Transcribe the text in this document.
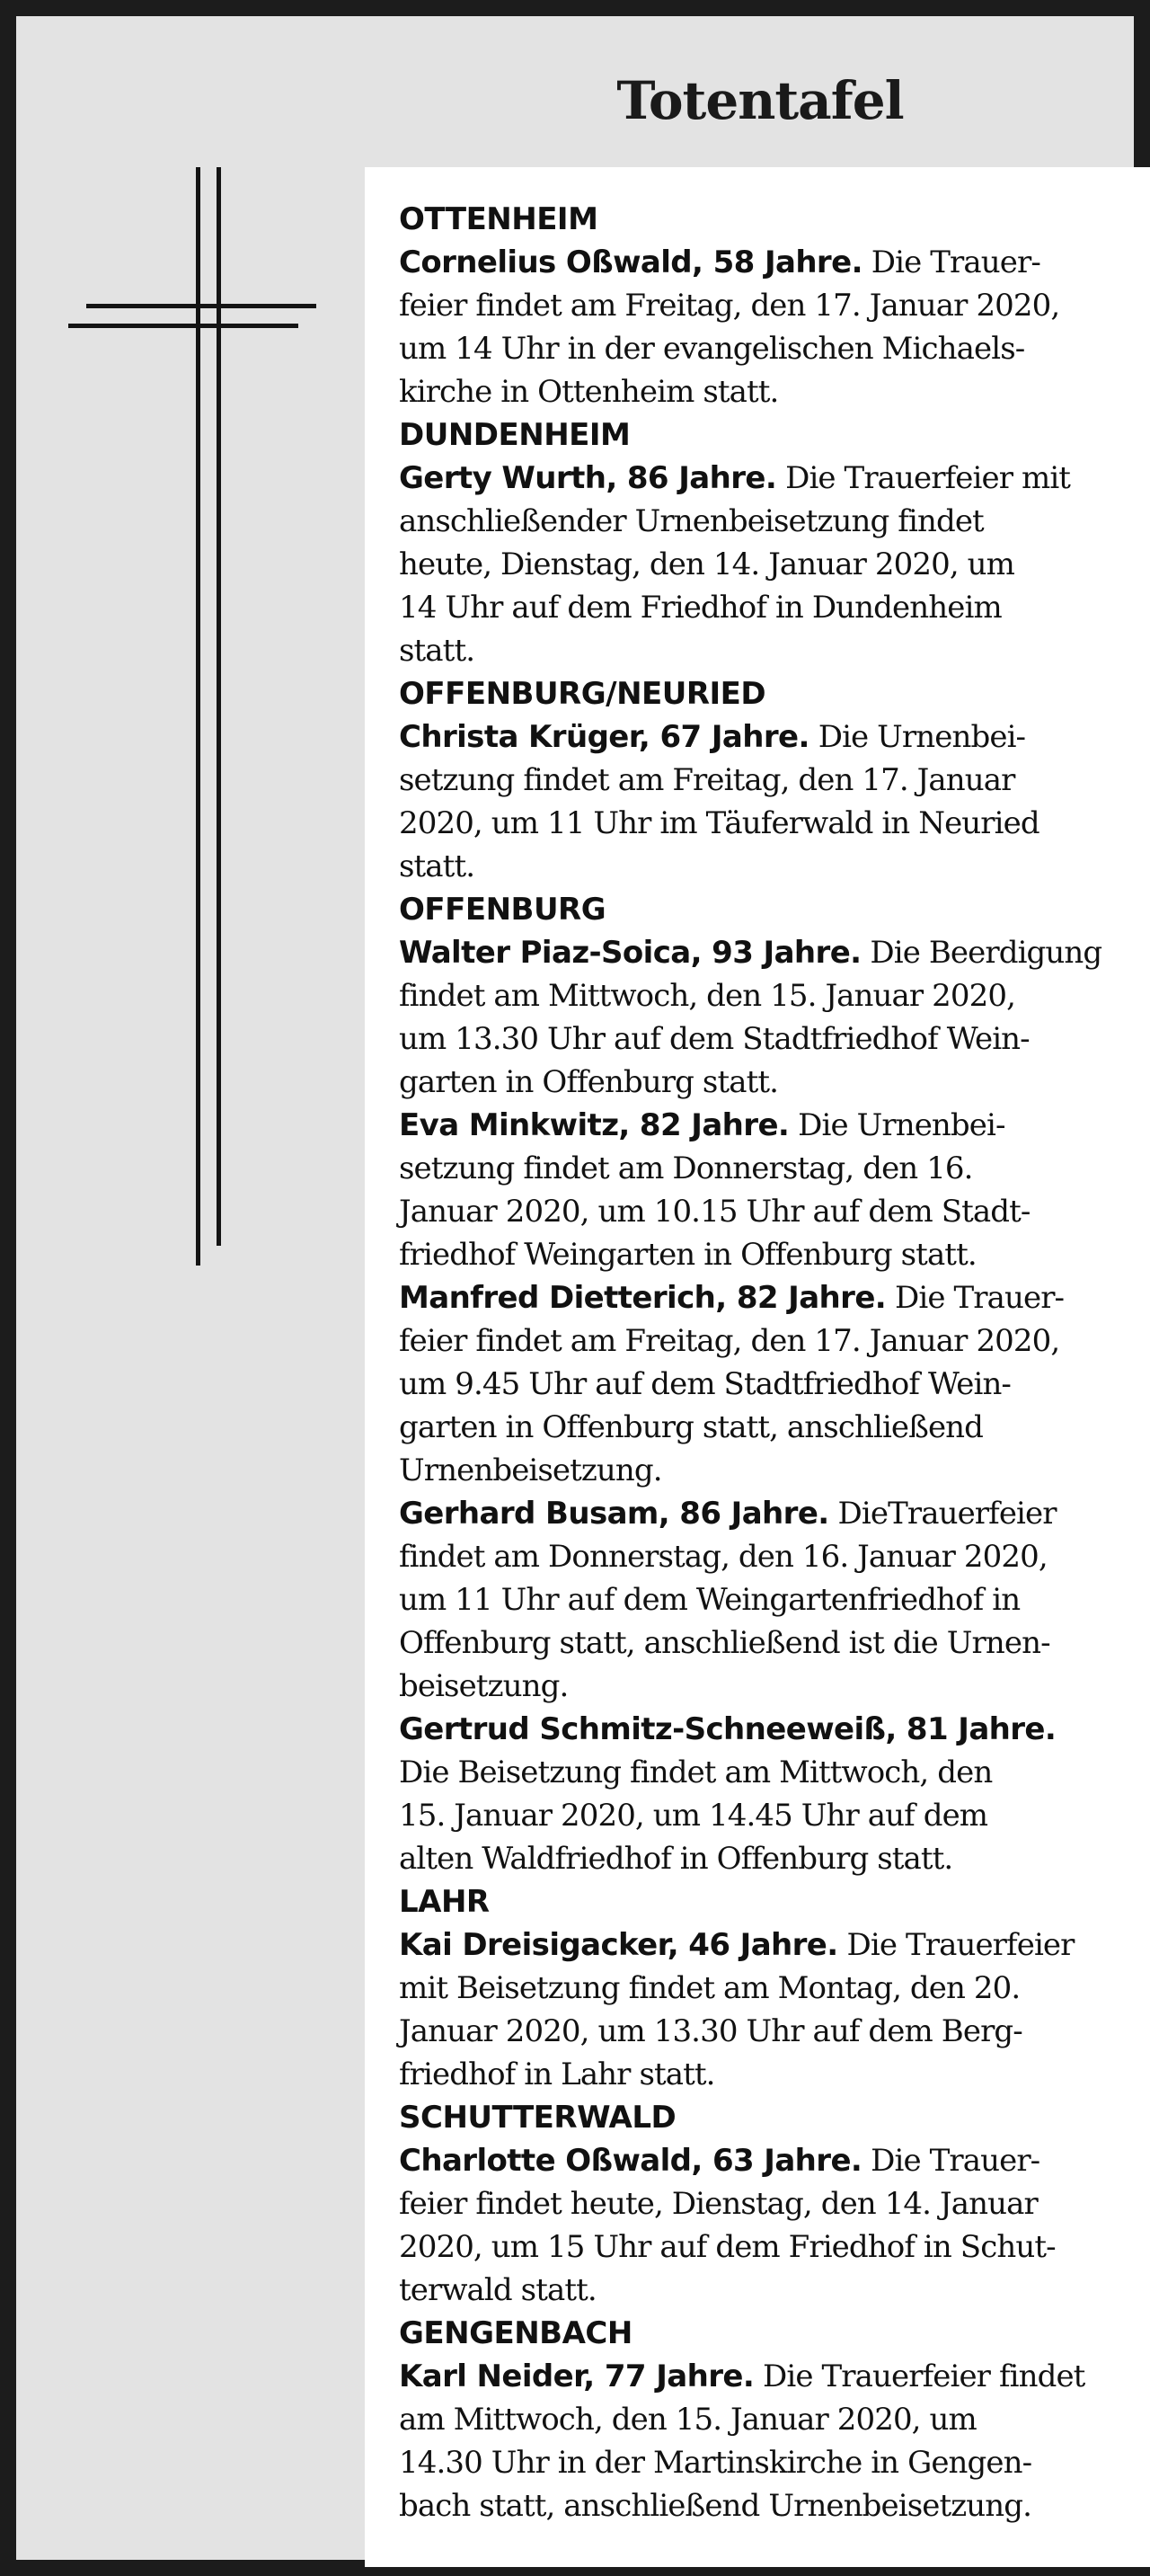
Totentafel
OTTENHEIM
Cornelius Oßwald, 58 Jahre. Die Trauer-
feier findet am Freitag, den 17. Januar 2020,
um 14 Uhr in der evangelischen Michaels-
kirche in Ottenheim statt.
DUNDENHEIM
Gerty Wurth, 86 Jahre. Die Trauerfeier mit
anschließender Urnenbeisetzung findet
heute, Dienstag, den 14. Januar 2020, um
14 Uhr auf dem Friedhof in Dundenheim
statt.
OFFENBURG/NEURIED
Christa Krüger, 67 Jahre. Die Urnenbei-
setzung findet am Freitag, den 17. Januar
2020, um 11 Uhr im Täuferwald in Neuried
statt.
OFFENBURG
Walter Piaz-Soica, 93 Jahre. Die Beerdigung
findet am Mittwoch, den 15. Januar 2020,
um 13.30 Uhr auf dem Stadtfriedhof Wein-
garten in Offenburg statt.
Eva Minkwitz, 82 Jahre. Die Urnenbei-
setzung findet am Donnerstag, den 16.
Januar 2020, um 10.15 Uhr auf dem Stadt-
friedhof Weingarten in Offenburg statt.
Manfred Dietterich, 82 Jahre. Die Trauer-
feier findet am Freitag, den 17. Januar 2020,
um 9.45 Uhr auf dem Stadtfriedhof Wein-
garten in Offenburg statt, anschließend
Urnenbeisetzung.
Gerhard Busam, 86 Jahre. DieTrauerfeier
findet am Donnerstag, den 16. Januar 2020,
um 11 Uhr auf dem Weingartenfriedhof in
Offenburg statt, anschließend ist die Urnen-
beisetzung.
Gertrud Schmitz-Schneeweiß, 81 Jahre.
Die Beisetzung findet am Mittwoch, den
15. Januar 2020, um 14.45 Uhr auf dem
alten Waldfriedhof in Offenburg statt.
LAHR
Kai Dreisigacker, 46 Jahre. Die Trauerfeier
mit Beisetzung findet am Montag, den 20.
Januar 2020, um 13.30 Uhr auf dem Berg-
friedhof in Lahr statt.
SCHUTTERWALD
Charlotte Oßwald, 63 Jahre. Die Trauer-
feier findet heute, Dienstag, den 14. Januar
2020, um 15 Uhr auf dem Friedhof in Schut-
terwald statt.
GENGENBACH
Karl Neider, 77 Jahre. Die Trauerfeier findet
am Mittwoch, den 15. Januar 2020, um
14.30 Uhr in der Martinskirche in Gengen-
bach statt, anschließend Urnenbeisetzung.
